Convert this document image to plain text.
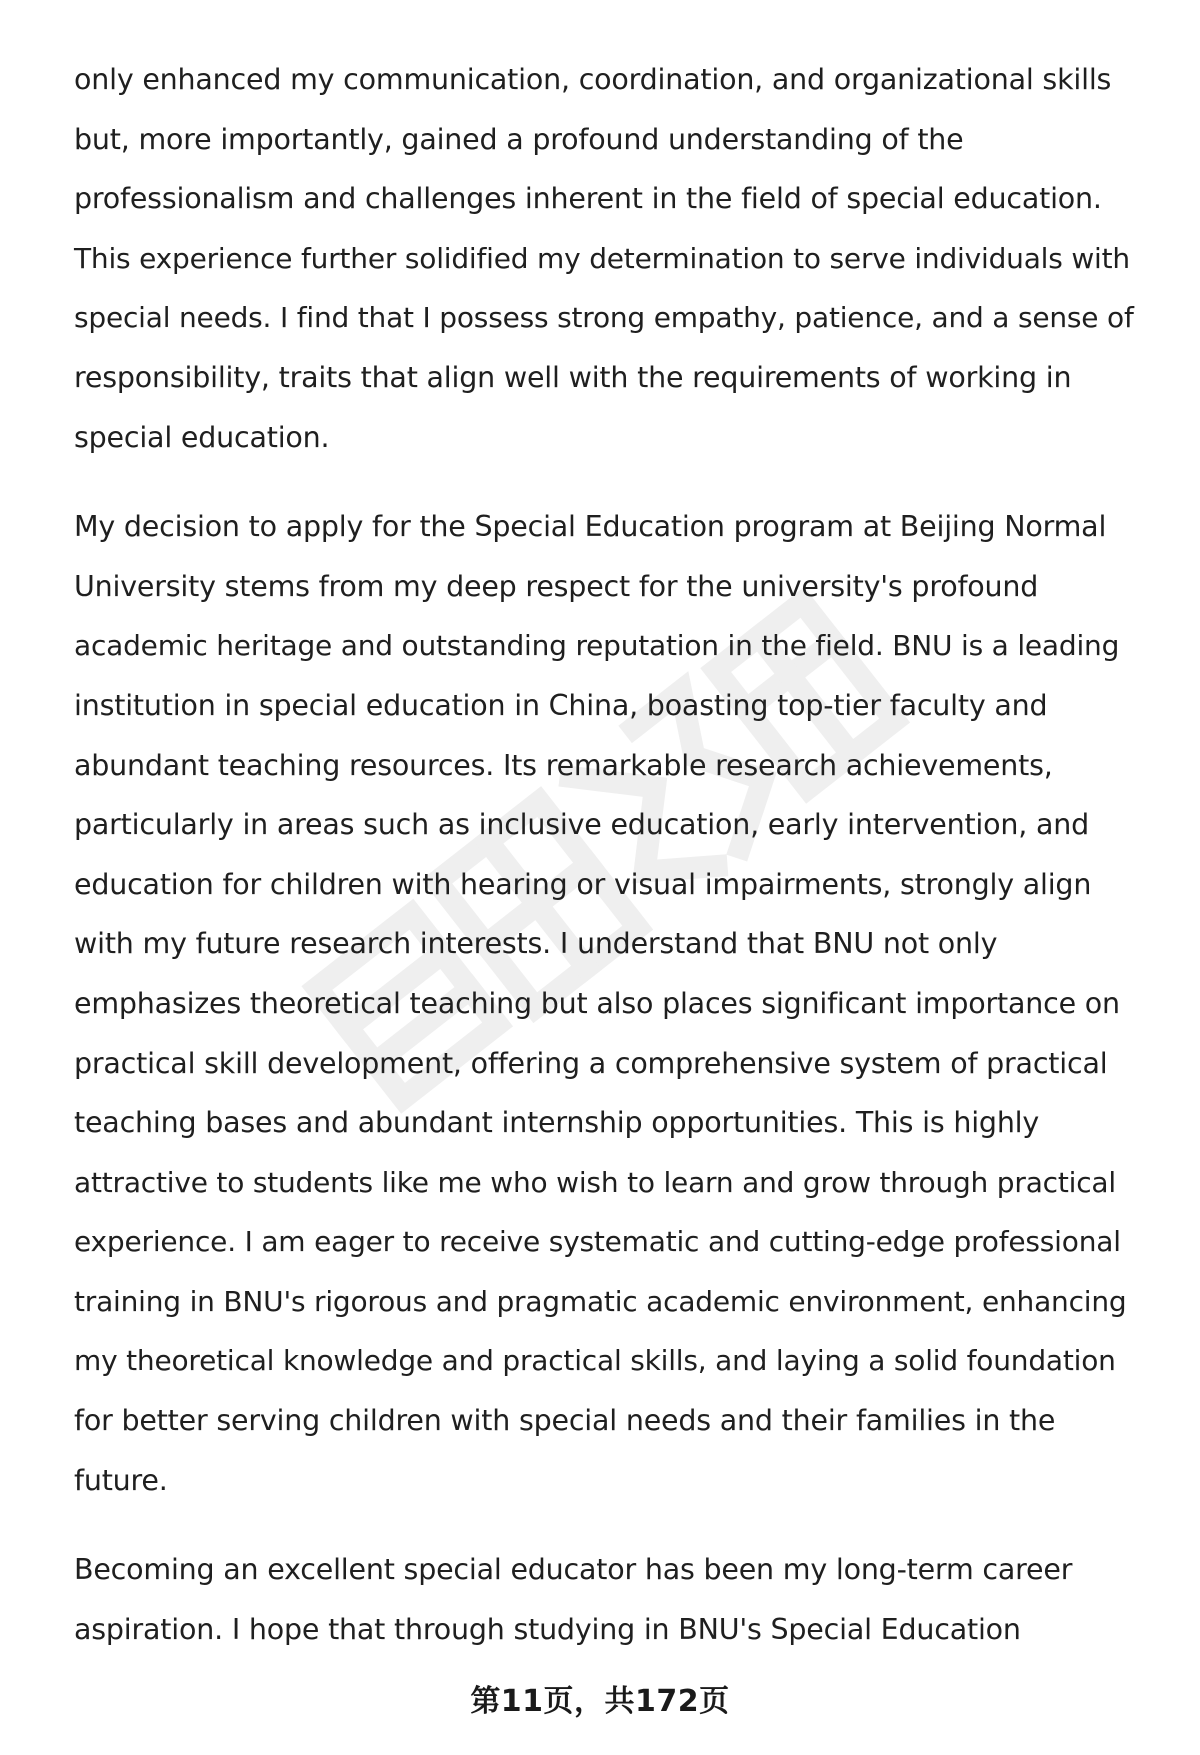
only enhanced my communication, coordination, and organizational skills
but, more importantly, gained a profound understanding of the
professionalism and challenges inherent in the field of special education.
This experience further solidified my determination to serve individuals with
special needs. I find that I possess strong empathy, patience, and a sense of
responsibility, traits that align well with the requirements of working in
special education.

My decision to apply for the Special Education program at Beijing Normal
University stems from my deep respect for the university's profound
academic heritage and outstanding reputation in the field. BNU is a leading
institution in special education in China, boasting top-tier faculty and
abundant teaching resources. Its remarkable research achievements,
particularly in areas such as inclusive education, early intervention, and
education for children with hearing or visual impairments, strongly align
with my future research interests. I understand that BNU not only
emphasizes theoretical teaching but also places significant importance on
practical skill development, offering a comprehensive system of practical
teaching bases and abundant internship opportunities. This is highly
attractive to students like me who wish to learn and grow through practical
experience. I am eager to receive systematic and cutting-edge professional
training in BNU's rigorous and pragmatic academic environment, enhancing
my theoretical knowledge and practical skills, and laying a solid foundation
for better serving children with special needs and their families in the
future.

Becoming an excellent special educator has been my long-term career
aspiration. I hope that through studying in BNU's Special Education

第11页，共172页
